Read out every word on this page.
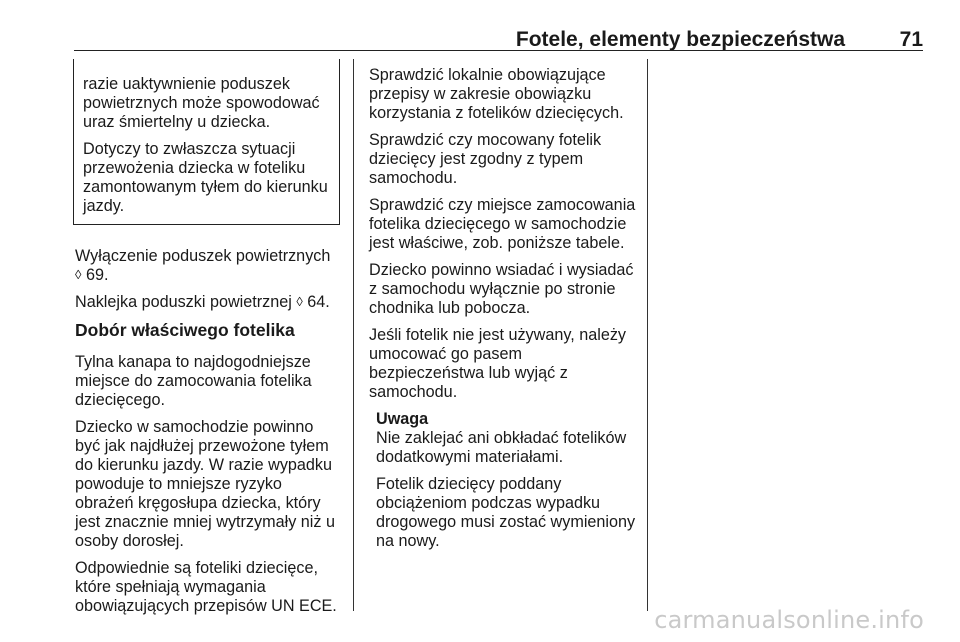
Fotele, elementy bezpieczeństwa	71

razie uaktywnienie poduszek powietrznych może spowodować uraz śmiertelny u dziecka.

Dotyczy to zwłaszcza sytuacji przewożenia dziecka w foteliku zamontowanym tyłem do kierunku jazdy.

Wyłączenie poduszek powietrznych
◊ 69.

Naklejka poduszki powietrznej ◊ 64.

Dobór właściwego fotelika

Tylna kanapa to najdogodniejsze miejsce do zamocowania fotelika dziecięcego.

Dziecko w samochodzie powinno być jak najdłużej przewożone tyłem do kierunku jazdy. W razie wypadku powoduje to mniejsze ryzyko obrażeń kręgosłupa dziecka, który jest znacznie mniej wytrzymały niż u osoby dorosłej.

Odpowiednie są foteliki dziecięce, które spełniają wymagania obowiązujących przepisów UN ECE.

Sprawdzić lokalnie obowiązujące przepisy w zakresie obowiązku korzystania z fotelików dziecięcych.

Sprawdzić czy mocowany fotelik dziecięcy jest zgodny z typem samochodu.

Sprawdzić czy miejsce zamocowania fotelika dziecięcego w samochodzie jest właściwe, zob. poniższe tabele.

Dziecko powinno wsiadać i wysiadać z samochodu wyłącznie po stronie chodnika lub pobocza.

Jeśli fotelik nie jest używany, należy umocować go pasem bezpieczeństwa lub wyjąć z samochodu.

Uwaga

Nie zaklejać ani obkładać fotelików dodatkowymi materiałami.

Fotelik dziecięcy poddany obciążeniom podczas wypadku drogowego musi zostać wymieniony na nowy.

carmanualsonline.info
